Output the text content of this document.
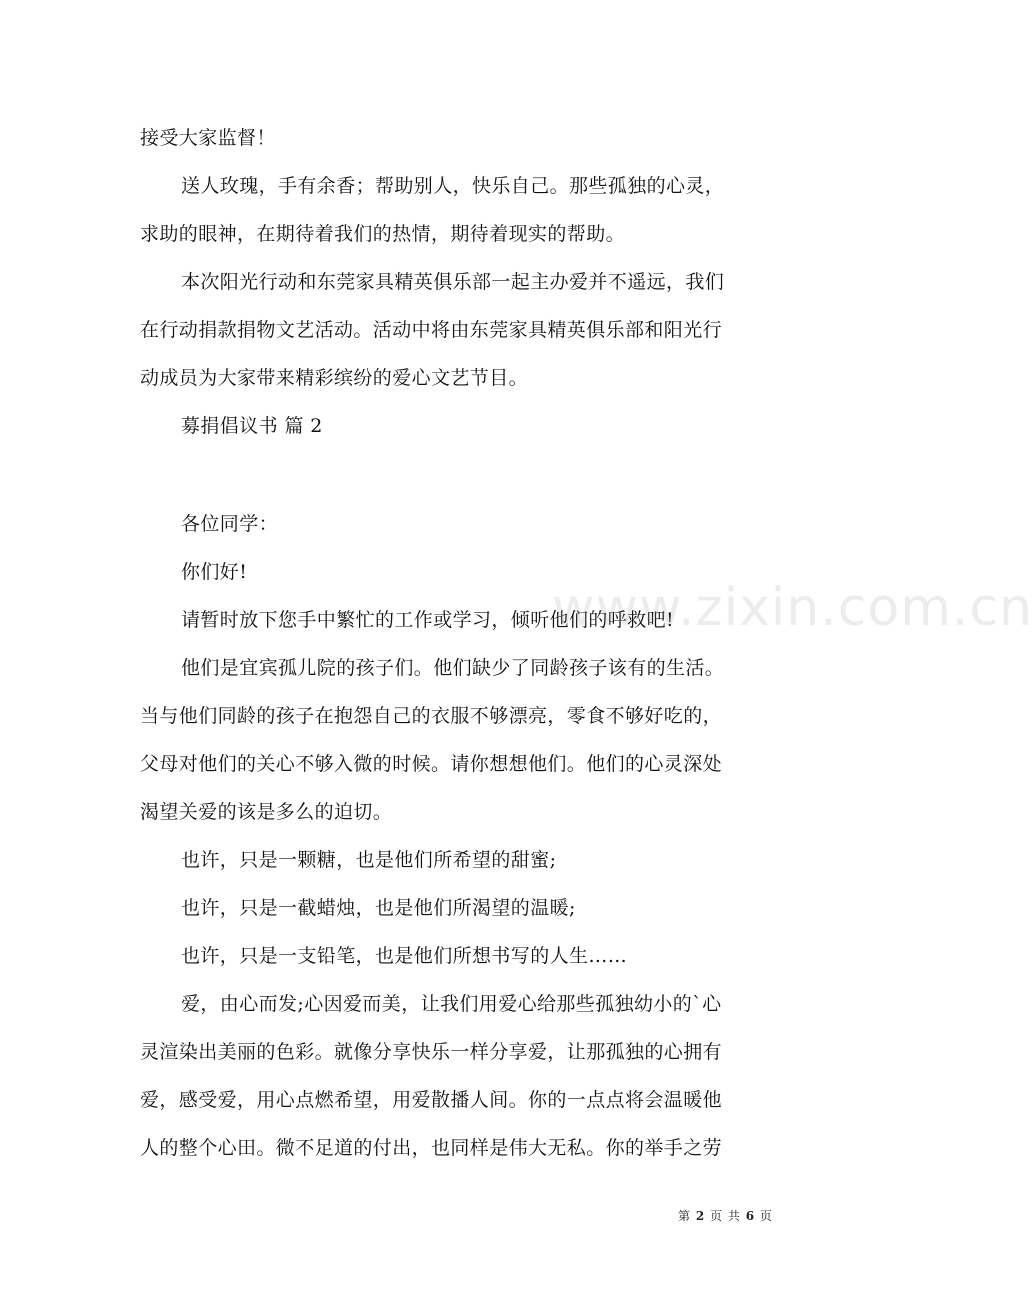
接受大家监督！
送人玫瑰，手有余香；帮助别人，快乐自己。那些孤独的心灵，
求助的眼神，在期待着我们的热情，期待着现实的帮助。
本次阳光行动和东莞家具精英俱乐部一起主办爱并不遥远，我们
在行动捐款捐物文艺活动。活动中将由东莞家具精英俱乐部和阳光行
动成员为大家带来精彩缤纷的爱心文艺节目。
募捐倡议书 篇 2
各位同学：
你们好!
请暂时放下您手中繁忙的工作或学习，倾听他们的呼救吧!
他们是宜宾孤儿院的孩子们。他们缺少了同龄孩子该有的生活。
当与他们同龄的孩子在抱怨自己的衣服不够漂亮，零食不够好吃的，
父母对他们的关心不够入微的时候。请你想想他们。他们的心灵深处
渴望关爱的该是多么的迫切。
也许，只是一颗糖，也是他们所希望的甜蜜;
也许，只是一截蜡烛，也是他们所渴望的温暖;
也许，只是一支铅笔，也是他们所想书写的人生……
爱，由心而发;心因爱而美，让我们用爱心给那些孤独幼小的`心
灵渲染出美丽的色彩。就像分享快乐一样分享爱，让那孤独的心拥有
爱，感受爱，用心点燃希望，用爱散播人间。你的一点点将会温暖他
人的整个心田。微不足道的付出，也同样是伟大无私。你的举手之劳
www.zixin.com.cn
第 2 页 共 6 页
